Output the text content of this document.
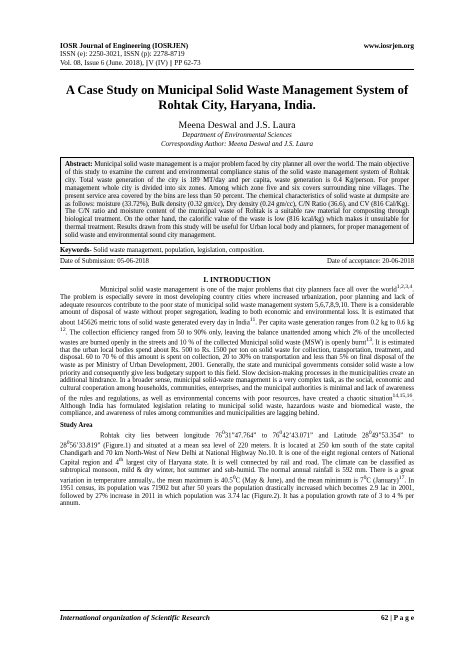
IOSR Journal of Engineering (IOSRJEN)	www.iosrjen.org
ISSN (e): 2250-3021, ISSN (p): 2278-8719
Vol. 08, Issue 6 (June. 2018), ||V (IV) || PP 62-73
A Case Study on Municipal Solid Waste Management System of
Rohtak City, Haryana, India.
Meena Deswal and J.S. Laura
Department of Environmental Sciences
Corresponding Author: Meena Deswal and J.S. Laura
Abstract: Municipal solid waste management is a major problem faced by city planner all over the world. The main objective of this study to examine the current and environmental compliance status of the solid waste management system of Rohtak city. Total waste generation of the city is 189 MT/day and per capita, waste generation is 0.4 Kg/person. For proper management whole city is divided into six zones. Among which zone five and six covers surrounding nine villages. The present service area covered by the bins are less than 50 percent. The chemical characteristics of solid waste at dumpsite are as follows: moisture (33.72%), Bulk density (0.32 gm/cc), Dry density (0.24 gm/cc), C/N Ratio (36.6), and CV (816 Cal/Kg). The C/N ratio and moisture content of the municipal waste of Rohtak is a suitable raw material for composting through biological treatment. On the other hand, the calorific value of the waste is low (816 kcal/kg) which makes it unsuitable for thermal treatment. Results drawn from this study will be useful for Urban local body and planners, for proper management of solid waste and environmental sound city management.
Keywords- Solid waste management, population, legislation, composition.
Date of Submission: 05-06-2018	Date of acceptance: 20-06-2018
I. INTRODUCTION

Municipal solid waste management is one of the major problems that city planners face all over the world$^{1,2,3,4}$. The problem is especially severe in most developing country cities where increased urbanization, poor planning and lack of adequate resources contribute to the poor state of municipal solid waste management system 5,6,7,8,9,10. There is a considerable amount of disposal of waste without proper segregation, leading to both economic and environmental loss. It is estimated that about 145626 metric tons of solid waste generated every day in India$^{11}$. Per capita waste generation ranges from 0.2 kg to 0.6 kg $^{12}$. The collection efficiency ranged from 50 to 90% only, leaving the balance unattended among which 2% of the uncollected wastes are burned openly in the streets and 10 % of the collected Municipal solid waste (MSW) is openly burnt$^{13}$. It is estimated that the urban local bodies spend about Rs. 500 to Rs. 1500 per ton on solid waste for collection, transportation, treatment, and disposal. 60 to 70 % of this amount is spent on collection, 20 to 30% on transportation and less than 5% on final disposal of the waste as per Ministry of Urban Development, 2001. Generally, the state and municipal governments consider solid waste a low priority and consequently give less budgetary support to this field. Slow decision-making processes in the municipalities create an additional hindrance. In a broader sense, municipal solid-waste management is a very complex task, as the social, economic and cultural cooperation among households, communities, enterprises, and the municipal authorities is minimal and lack of awareness of the rules and regulations, as well as environmental concerns with poor resources, have created a chaotic situation$^{14,15,16}$. Although India has formulated legislation relating to municipal solid waste, hazardous waste and biomedical waste, the compliance, and awareness of rules among communities and municipalities are lagging behind.

Study Area

Rohtak city lies between longitude $76^031”47.764$” to $76^042’43.071$” and Latitude $28^049”53.354$” to $28^056’33.819$” (Figure.1) and situated at a mean sea level of 220 meters. It is located at 250 km south of the state capital Chandigarh and 70 km North-West of New Delhi at National Highway No.10. It is one of the eight regional centers of National Capital region and 4th largest city of Haryana state. It is well connected by rail and road. The climate can be classified as subtropical monsoon, mild & dry winter, hot summer and sub-humid. The normal annual rainfall is 592 mm. There is a great variation in temperature annually., the mean maximum is 40.5$^0$C (May & June), and the mean minimum is $7^0C$ (January)$^{17}$. In 1951 census, its population was 71902 but after 50 years the population drastically increased which becomes 2.9 lac in 2001, followed by 27% increase in 2011 in which population was 3.74 lac (Figure.2). It has a population growth rate of 3 to 4 % per annum.

International organization of Scientific Research	62 | P a g e
